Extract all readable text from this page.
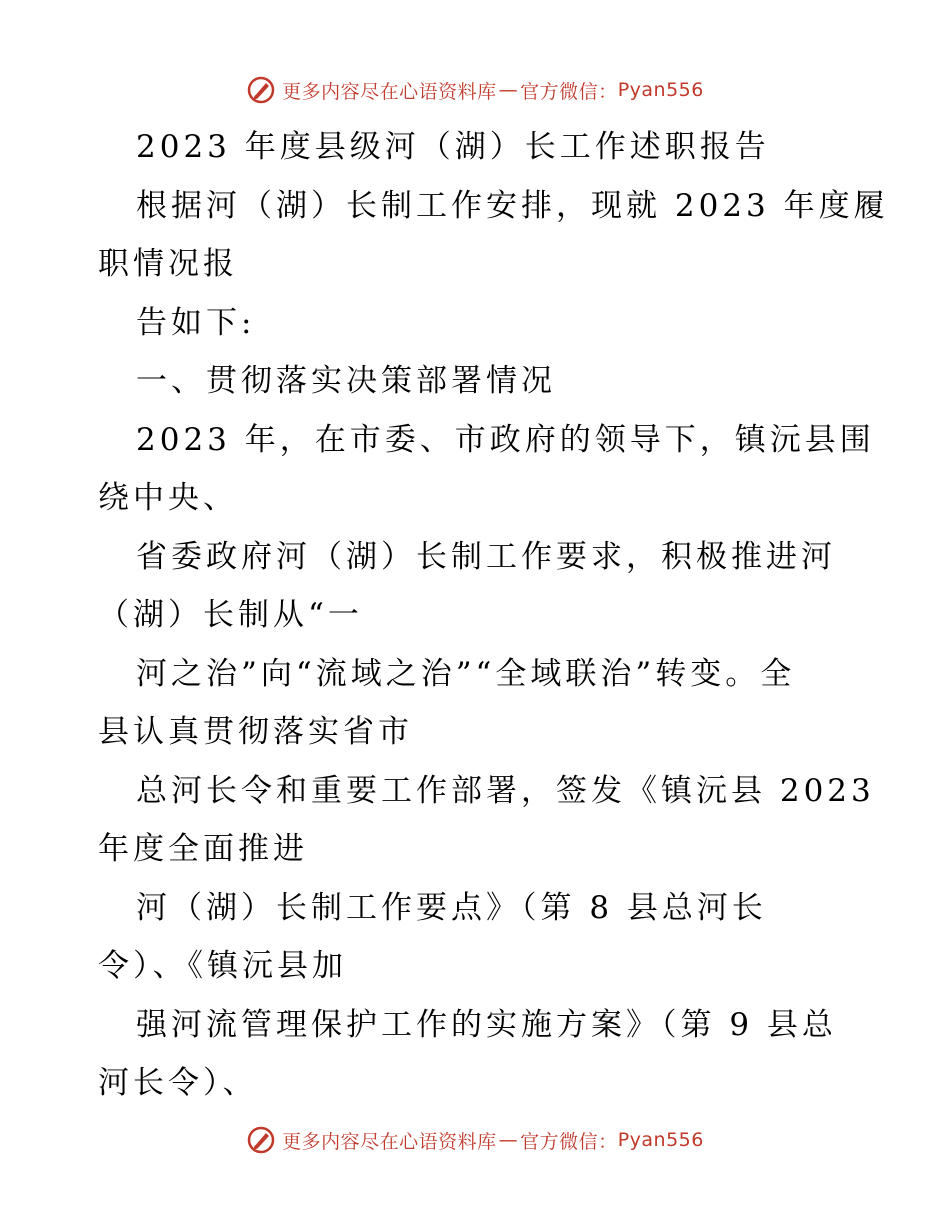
更多内容尽在心语资料库 — 官方微信： Pyan556
2023 年度县级河（湖）长工作述职报告
根据河（湖）长制工作安排，现就 2023 年度履
职情况报
告如下:
一、贯彻落实决策部署情况
2023 年，在市委、市政府的领导下，镇沅县围
绕中央、
省委政府河（湖）长制工作要求，积极推进河
（湖）长制从“一
河之治”向“流域之治”“全域联治”转变。全
县认真贯彻落实省市
总河长令和重要工作部署，签发《镇沅县 2023
年度全面推进
河（湖）长制工作要点》（第 8 县总河长
令）、《镇沅县加
强河流管理保护工作的实施方案》（第 9 县总
河长令）、
更多内容尽在心语资料库 — 官方微信： Pyan556
